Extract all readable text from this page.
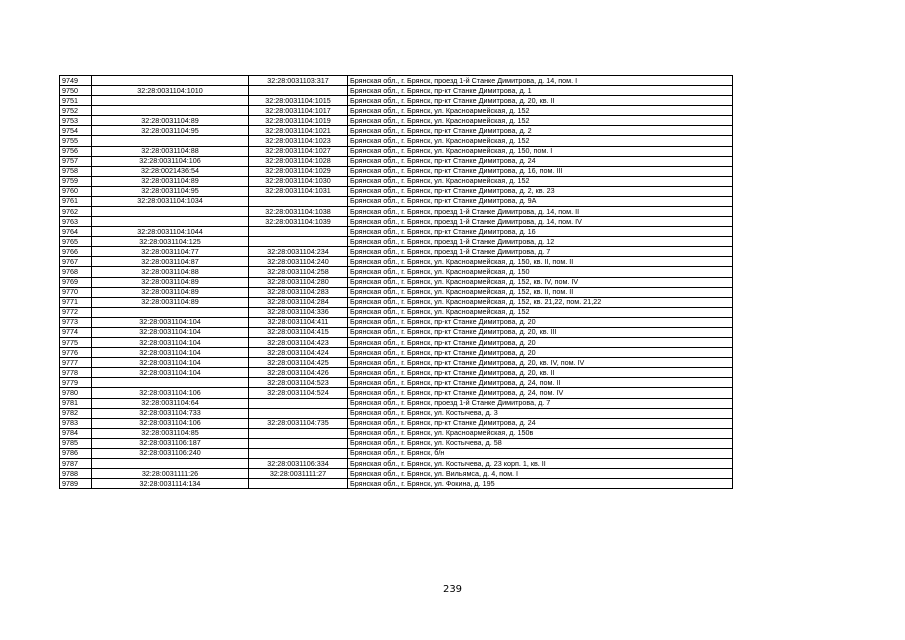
9749		32:28:0031103:317	Брянская обл., г. Брянск, проезд 1-й Станке Димитрова, д. 14, пом. I
9750	32:28:0031104:1010		Брянская обл., г. Брянск, пр-кт Станке Димитрова, д. 1
9751		32:28:0031104:1015	Брянская обл., г. Брянск, пр-кт Станке Димитрова, д. 20, кв. II
9752		32:28:0031104:1017	Брянская обл., г. Брянск, ул. Красноармейская, д. 152
9753	32:28:0031104:89	32:28:0031104:1019	Брянская обл., г. Брянск, ул. Красноармейская, д. 152
9754	32:28:0031104:95	32:28:0031104:1021	Брянская обл., г. Брянск, пр-кт Станке Димитрова, д. 2
9755		32:28:0031104:1023	Брянская обл., г. Брянск, ул. Красноармейская, д. 152
9756	32:28:0031104:88	32:28:0031104:1027	Брянская обл., г. Брянск, ул. Красноармейская, д. 150, пом. I
9757	32:28:0031104:106	32:28:0031104:1028	Брянская обл., г. Брянск, пр-кт Станке Димитрова, д. 24
9758	32:28:0021436:54	32:28:0031104:1029	Брянская обл., г. Брянск, пр-кт Станке Димитрова, д. 16, пом. III
9759	32:28:0031104:89	32:28:0031104:1030	Брянская обл., г. Брянск, ул. Красноармейская, д. 152
9760	32:28:0031104:95	32:28:0031104:1031	Брянская обл., г. Брянск, пр-кт Станке Димитрова, д. 2, кв. 23
9761	32:28:0031104:1034		Брянская обл., г. Брянск, пр-кт Станке Димитрова, д. 9А
9762		32:28:0031104:1038	Брянская обл., г. Брянск, проезд 1-й Станке Димитрова, д. 14, пом. II
9763		32:28:0031104:1039	Брянская обл., г. Брянск, проезд 1-й Станке Димитрова, д. 14, пом. IV
9764	32:28:0031104:1044		Брянская обл., г. Брянск, пр-кт Станке Димитрова, д. 16
9765	32:28:0031104:125		Брянская обл., г. Брянск, проезд 1-й Станке Димитрова, д. 12
9766	32:28:0031104:77	32:28:0031104:234	Брянская обл., г. Брянск, проезд 1-й Станке Димитрова, д. 7
9767	32:28:0031104:87	32:28:0031104:240	Брянская обл., г. Брянск, ул. Красноармейская, д. 150, кв. II, пом. II
9768	32:28:0031104:88	32:28:0031104:258	Брянская обл., г. Брянск, ул. Красноармейская, д. 150
9769	32:28:0031104:89	32:28:0031104:280	Брянская обл., г. Брянск, ул. Красноармейская, д. 152, кв. IV, пом. IV
9770	32:28:0031104:89	32:28:0031104:283	Брянская обл., г. Брянск, ул. Красноармейская, д. 152, кв. II, пом. II
9771	32:28:0031104:89	32:28:0031104:284	Брянская обл., г. Брянск, ул. Красноармейская, д. 152, кв. 21,22, пом. 21,22
9772		32:28:0031104:336	Брянская обл., г. Брянск, ул. Красноармейская, д. 152
9773	32:28:0031104:104	32:28:0031104:411	Брянская обл., г. Брянск, пр-кт Станке Димитрова, д. 20
9774	32:28:0031104:104	32:28:0031104:415	Брянская обл., г. Брянск, пр-кт Станке Димитрова, д. 20, кв. III
9775	32:28:0031104:104	32:28:0031104:423	Брянская обл., г. Брянск, пр-кт Станке Димитрова, д. 20
9776	32:28:0031104:104	32:28:0031104:424	Брянская обл., г. Брянск, пр-кт Станке Димитрова, д. 20
9777	32:28:0031104:104	32:28:0031104:425	Брянская обл., г. Брянск, пр-кт Станке Димитрова, д. 20, кв. IV, пом. IV
9778	32:28:0031104:104	32:28:0031104:426	Брянская обл., г. Брянск, пр-кт Станке Димитрова, д. 20, кв. II
9779		32:28:0031104:523	Брянская обл., г. Брянск, пр-кт Станке Димитрова, д. 24, пом. II
9780	32:28:0031104:106	32:28:0031104:524	Брянская обл., г. Брянск, пр-кт Станке Димитрова, д. 24, пом. IV
9781	32:28:0031104:64		Брянская обл., г. Брянск, проезд 1-й Станке Димитрова, д. 7
9782	32:28:0031104:733		Брянская обл., г. Брянск, ул. Костычева, д. 3
9783	32:28:0031104:106	32:28:0031104:735	Брянская обл., г. Брянск, пр-кт Станке Димитрова, д. 24
9784	32:28:0031104:85		Брянская обл., г. Брянск, ул. Красноармейская, д. 150в
9785	32:28:0031106:187		Брянская обл., г. Брянск, ул. Костычева, д. 58
9786	32:28:0031106:240		Брянская обл., г. Брянск, б/н
9787		32:28:0031106:334	Брянская обл., г. Брянск, ул. Костычева, д. 23 корп. 1, кв. II
9788	32:28:0031111:26	32:28:0031111:27	Брянская обл., г. Брянск, ул. Вильямса, д. 4, пом. I
9789	32:28:0031114:134		Брянская обл., г. Брянск, ул. Фокина, д. 195
239
